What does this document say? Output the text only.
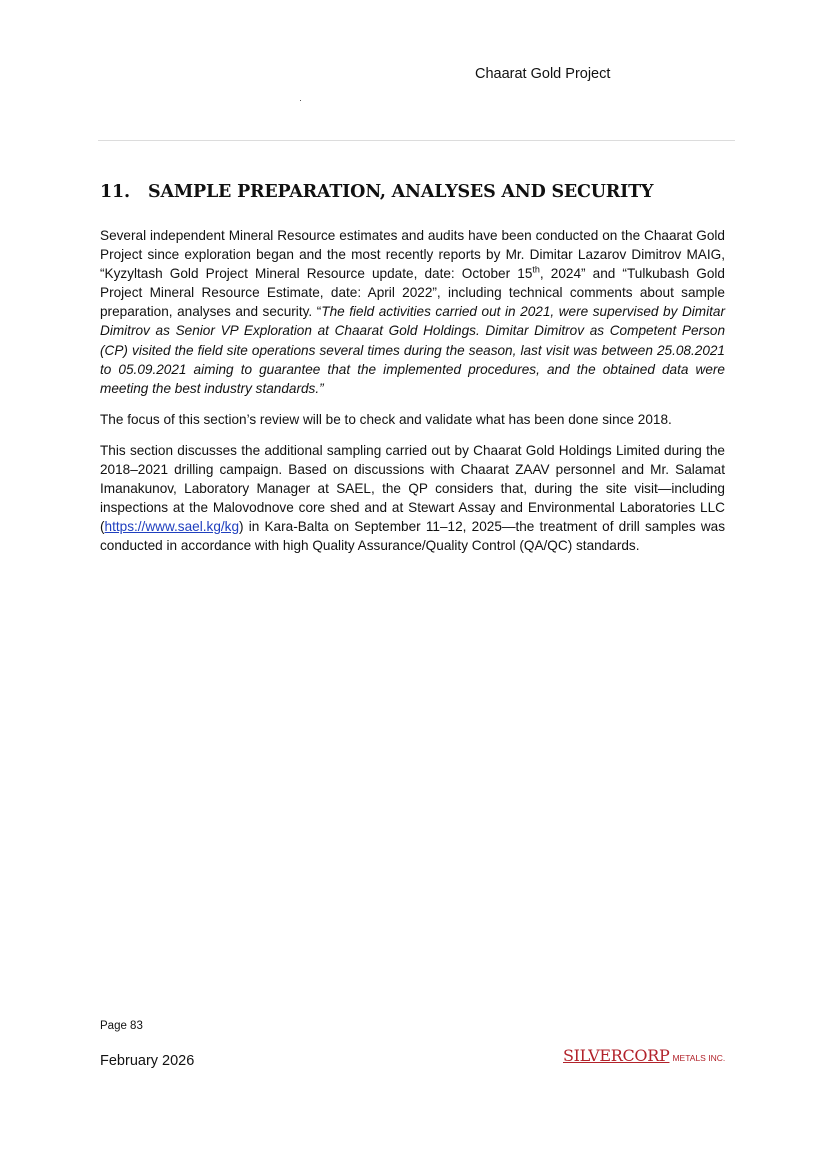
Chaarat Gold Project
11. SAMPLE PREPARATION, ANALYSES AND SECURITY

Several independent Mineral Resource estimates and audits have been conducted on the Chaarat Gold Project since exploration began and the most recently reports by Mr. Dimitar Lazarov Dimitrov MAIG, “Kyzyltash Gold Project Mineral Resource update, date: October 15th, 2024” and “Tulkubash Gold Project Mineral Resource Estimate, date: April 2022”, including technical comments about sample preparation, analyses and security. “The field activities carried out in 2021, were supervised by Dimitar Dimitrov as Senior VP Exploration at Chaarat Gold Holdings. Dimitar Dimitrov as Competent Person (CP) visited the field site operations several times during the season, last visit was between 25.08.2021 to 05.09.2021 aiming to guarantee that the implemented procedures, and the obtained data were meeting the best industry standards.”

The focus of this section’s review will be to check and validate what has been done since 2018.

This section discusses the additional sampling carried out by Chaarat Gold Holdings Limited during the 2018–2021 drilling campaign. Based on discussions with Chaarat ZAAV personnel and Mr. Salamat Imanakunov, Laboratory Manager at SAEL, the QP considers that, during the site visit—including inspections at the Malovodnove core shed and at Stewart Assay and Environmental Laboratories LLC (https://www.sael.kg/kg) in Kara-Balta on September 11–12, 2025—the treatment of drill samples was conducted in accordance with high Quality Assurance/Quality Control (QA/QC) standards.

Page 83
February 2026	SILVERCORP METALS INC.
